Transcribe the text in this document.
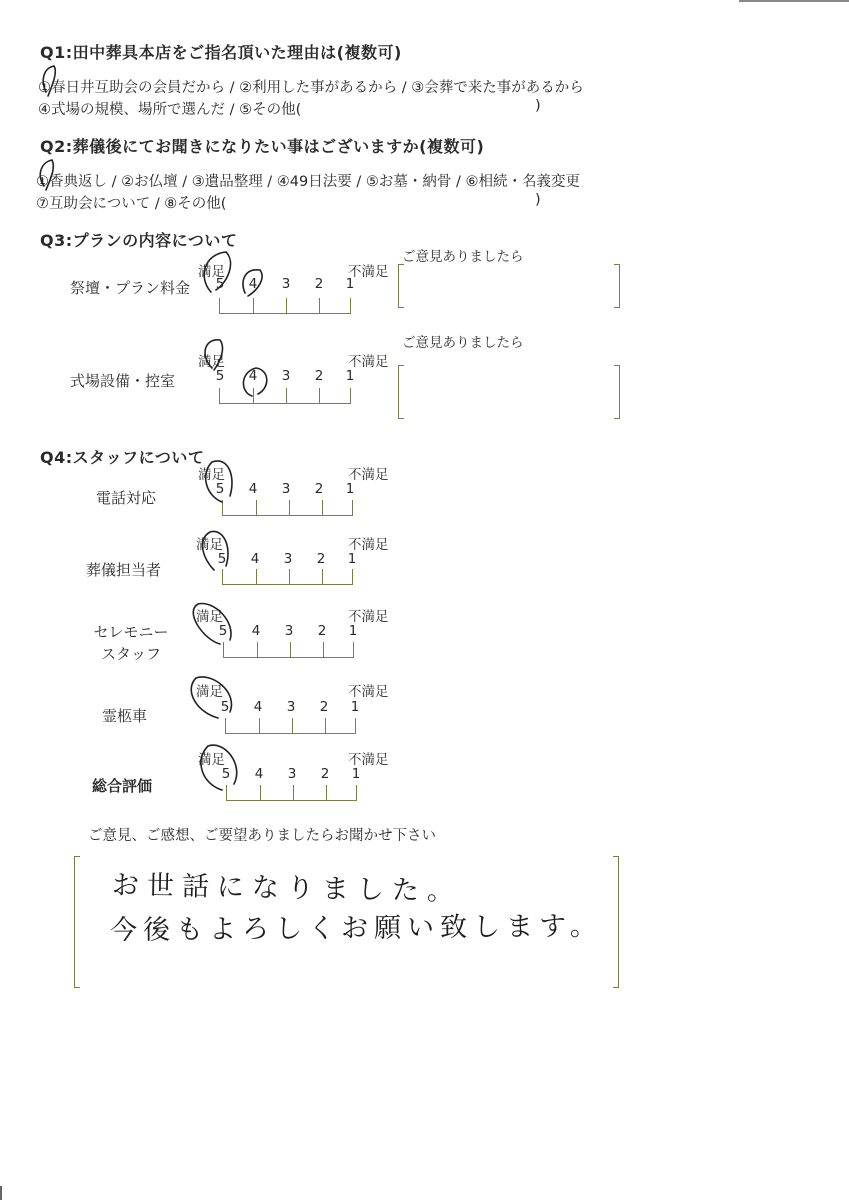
Q1:田中葬具本店をご指名頂いた理由は(複数可)
①春日井互助会の会員だから / ②利用した事があるから / ③会葬で来た事があるから
④式場の規模、場所で選んだ / ⑤その他(	)
Q2:葬儀後にてお聞きになりたい事はございますか(複数可)
①香典返し / ②お仏壇 / ③遺品整理 / ④49日法要 / ⑤お墓・納骨 / ⑥相続・名義変更
⑦互助会について / ⑧その他(	)
Q3:プランの内容について
ご意見ありましたら
祭壇・プラン料金
満足	不満足
5	4	3	2	1
ご意見ありましたら
式場設備・控室
満足	不満足
5	4	3	2	1
Q4:スタッフについて
電話対応
満足	不満足
5	4	3	2	1
葬儀担当者
満足	不満足
5	4	3	2	1
セレモニー
スタッフ
満足	不満足
5	4	3	2	1
霊柩車
満足	不満足
5	4	3	2	1
総合評価
満足	不満足
5	4	3	2	1
ご意見、ご感想、ご要望ありましたらお聞かせ下さい
お世話になりました。
今後もよろしくお願い致します。
